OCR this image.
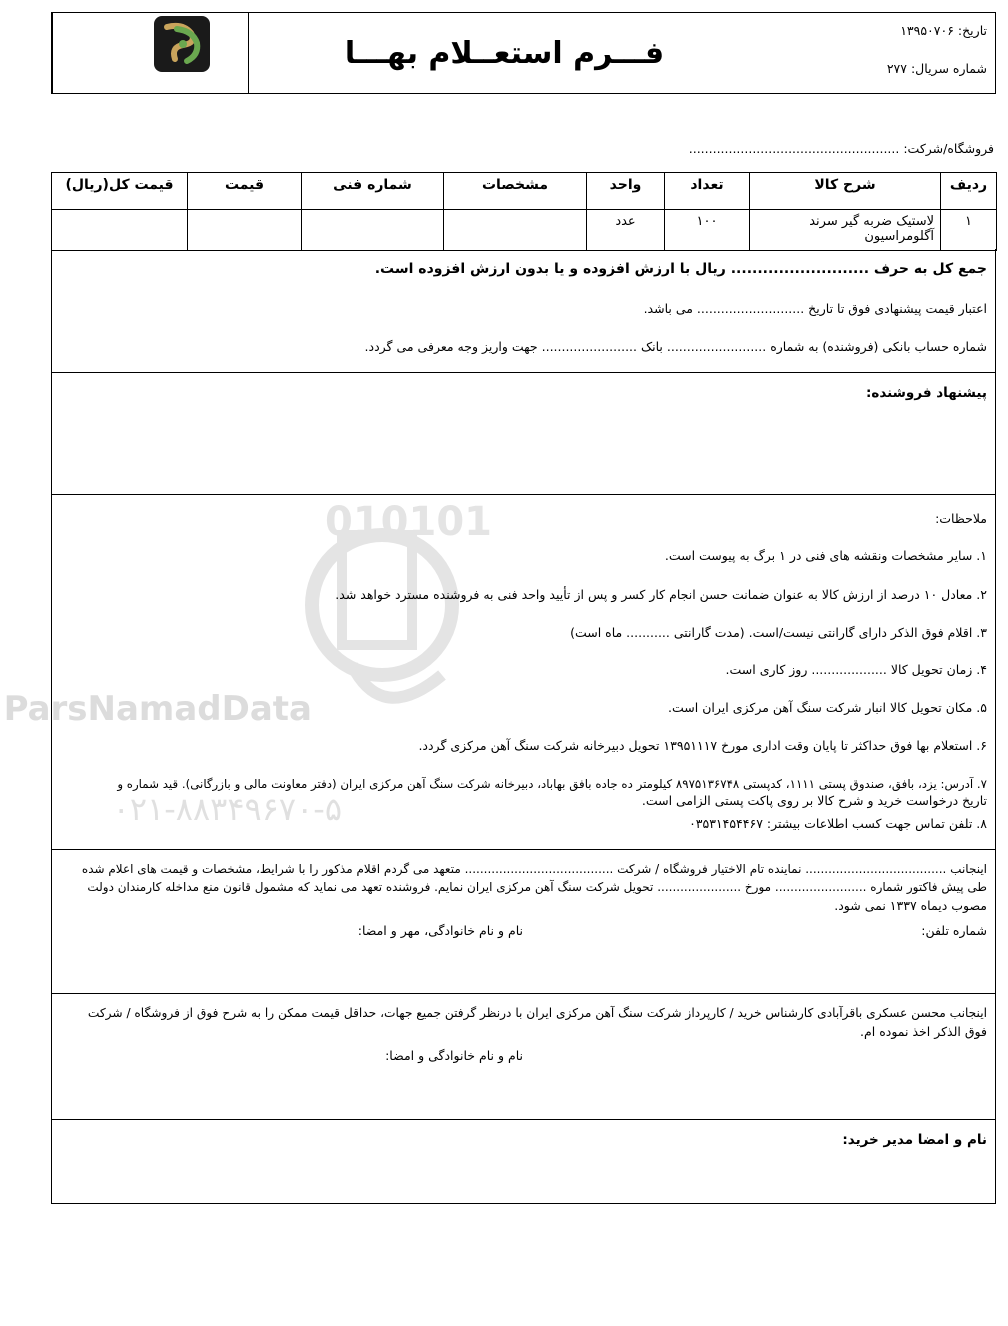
فـــرم استعــلام بهـــا
تاریخ: ۱۳۹۵۰۷۰۶
شماره سریال: ۲۷۷
فروشگاه/شرکت: .....................................................
ردیف	شرح کالا	تعداد	واحد	مشخصات	شماره فنی	قیمت	قیمت کل(ریال)
۱	لاستیک ضربه گیر سرند آگلومراسیون	۱۰۰	عدد				
جمع کل به حرف .......................... ریال با ارزش افزوده و یا بدون ارزش افزوده است.
اعتبار قیمت پیشنهادی فوق تا تاریخ ........................... می باشد.
شماره حساب بانکی (فروشنده) به شماره ......................... بانک ........................ جهت واریز وجه معرفی می گردد.
پیشنهاد فروشنده:
010101
ParsNamadData
۰۲۱-۸۸۳۴۹۶۷۰-۵
ملاحظات:
۱. سایر مشخصات ونقشه های فنی در ۱ برگ به پیوست است.
۲. معادل ۱۰ درصد از ارزش کالا به عنوان ضمانت حسن انجام کار کسر و پس از تأیید واحد فنی به فروشنده مسترد خواهد شد.
۳. اقلام فوق الذکر دارای گارانتی نیست/است. (مدت گارانتی ........... ماه است)
۴. زمان تحویل کالا ................... روز کاری است.
۵. مکان تحویل کالا انبار شرکت سنگ آهن مرکزی ایران است.
۶. استعلام بها فوق حداکثر تا پایان وقت اداری مورخ ۱۳۹۵۱۱۱۷ تحویل دبیرخانه شرکت سنگ آهن مرکزی گردد.
۷. آدرس: یزد، بافق، صندوق پستی ۱۱۱۱، کدپستی ۸۹۷۵۱۳۶۷۴۸ کیلومتر ده جاده بافق بهاباد، دبیرخانه شرکت سنگ آهن مرکزی ایران (دفتر معاونت مالی و بازرگانی). قید شماره و
تاریخ درخواست خرید و شرح کالا بر روی پاکت پستی الزامی است.
۸. تلفن تماس جهت کسب اطلاعات بیشتر: ۰۳۵۳۱۴۵۴۴۶۷
اینجانب ..................................... نماینده تام الاختیار فروشگاه / شرکت ....................................... متعهد می گردم اقلام مذکور را با شرایط، مشخصات و قیمت های اعلام شده
طی پیش فاکتور شماره ........................ مورخ ...................... تحویل شرکت سنگ آهن مرکزی ایران نمایم. فروشنده تعهد می نماید که مشمول قانون منع مداخله کارمندان دولت
مصوب دیماه ۱۳۳۷ نمی شود.
شماره تلفن:
نام و نام خانوادگی، مهر و امضا:
اینجانب محسن عسکری باقرآبادی کارشناس خرید / کارپرداز شرکت سنگ آهن مرکزی ایران با درنظر گرفتن جمیع جهات، حداقل قیمت ممکن را به شرح فوق از فروشگاه / شرکت
فوق الذکر اخذ نموده ام.
نام و نام خانوادگی و امضا:
نام و امضا مدیر خرید:
